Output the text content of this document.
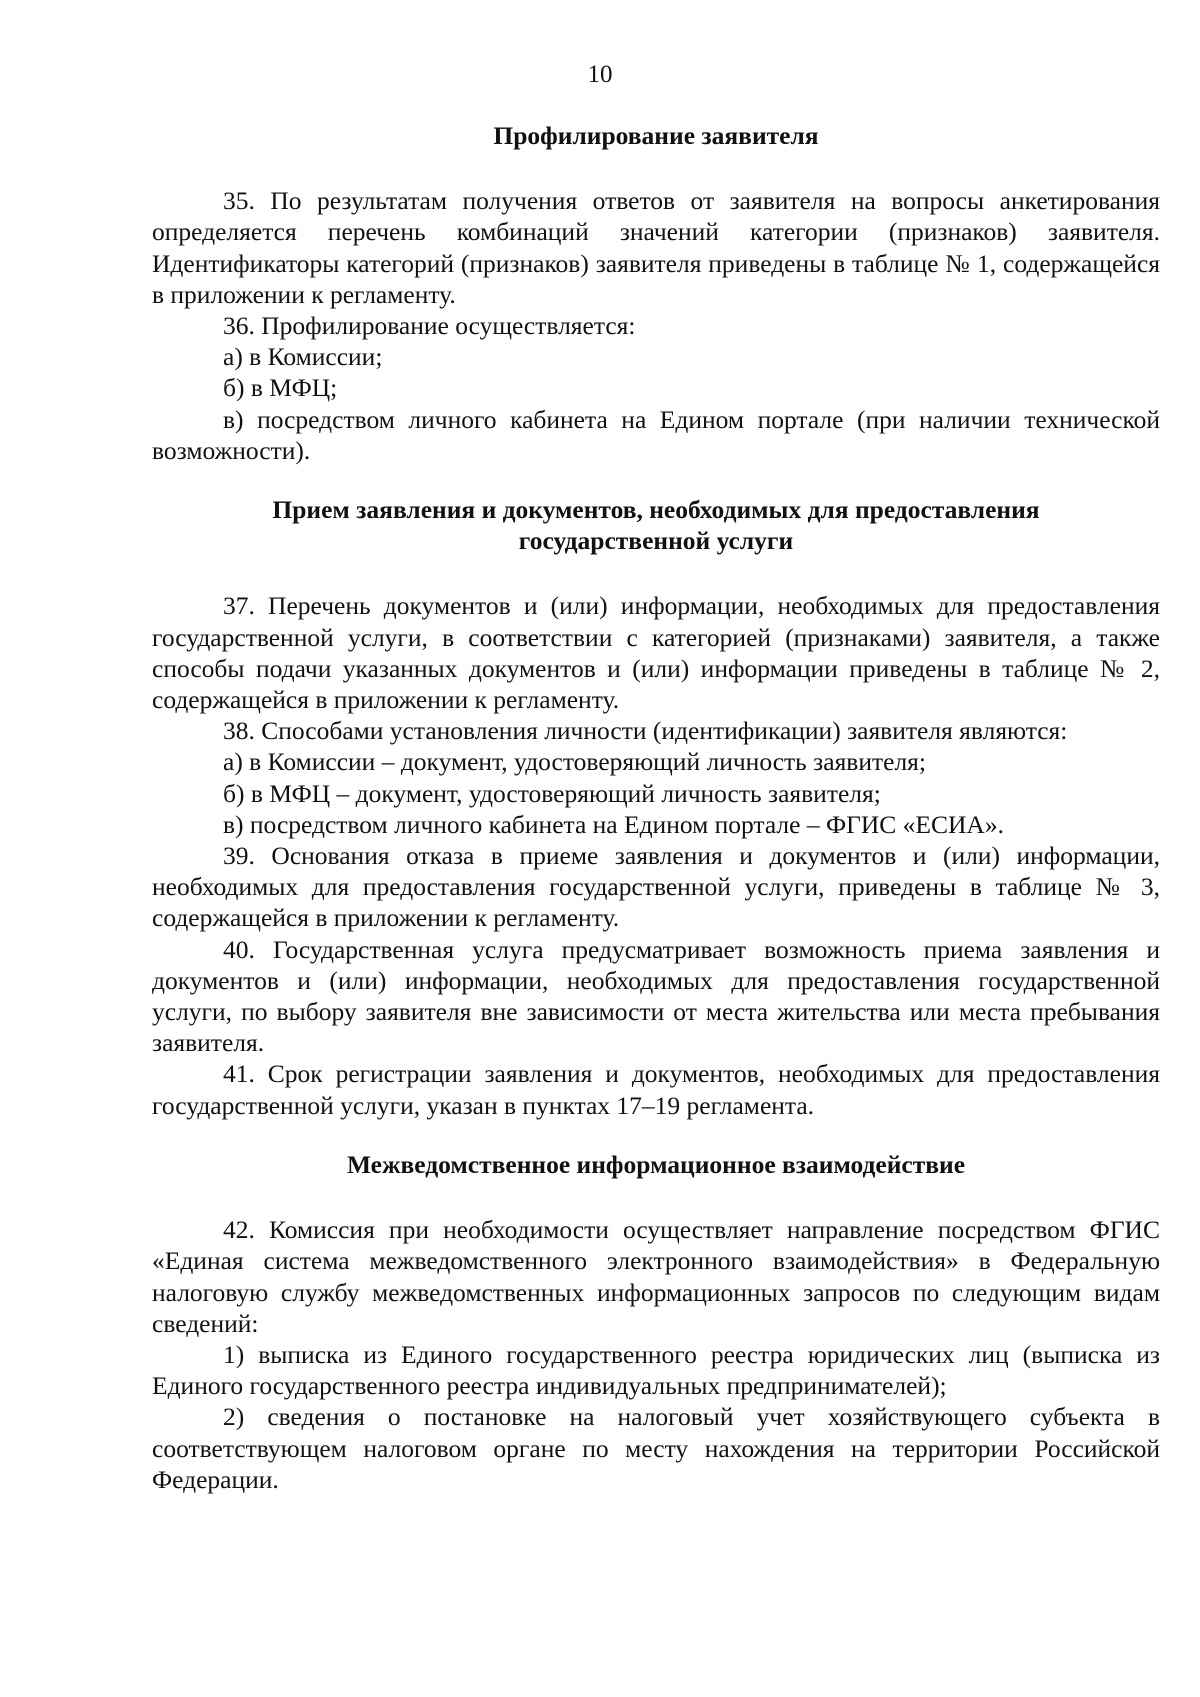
10

Профилирование заявителя

35. По результатам получения ответов от заявителя на вопросы анкетирования определяется перечень комбинаций значений категории (признаков) заявителя. Идентификаторы категорий (признаков) заявителя приведены в таблице № 1, содержащейся в приложении к регламенту.

36. Профилирование осуществляется:

а) в Комиссии;

б) в МФЦ;

в) посредством личного кабинета на Едином портале (при наличии технической возможности).

Прием заявления и документов, необходимых для предоставления
государственной услуги

37. Перечень документов и (или) информации, необходимых для предоставления государственной услуги, в соответствии с категорией (признаками) заявителя, а также способы подачи указанных документов и (или) информации приведены в таблице № 2, содержащейся в приложении к регламенту.

38. Способами установления личности (идентификации) заявителя являются:

а) в Комиссии – документ, удостоверяющий личность заявителя;

б) в МФЦ – документ, удостоверяющий личность заявителя;

в) посредством личного кабинета на Едином портале – ФГИС «ЕСИА».

39. Основания отказа в приеме заявления и документов и (или) информации, необходимых для предоставления государственной услуги, приведены в таблице № 3, содержащейся в приложении к регламенту.

40. Государственная услуга предусматривает возможность приема заявления и документов и (или) информации, необходимых для предоставления государственной услуги, по выбору заявителя вне зависимости от места жительства или места пребывания заявителя.

41. Срок регистрации заявления и документов, необходимых для предоставления государственной услуги, указан в пунктах 17–19 регламента.

Межведомственное информационное взаимодействие

42. Комиссия при необходимости осуществляет направление посредством ФГИС «Единая система межведомственного электронного взаимодействия» в Федеральную налоговую службу межведомственных информационных запросов по следующим видам сведений:

1) выписка из Единого государственного реестра юридических лиц (выписка из Единого государственного реестра индивидуальных предпринимателей);

2) сведения о постановке на налоговый учет хозяйствующего субъекта в соответствующем налоговом органе по месту нахождения на территории Российской Федерации.
